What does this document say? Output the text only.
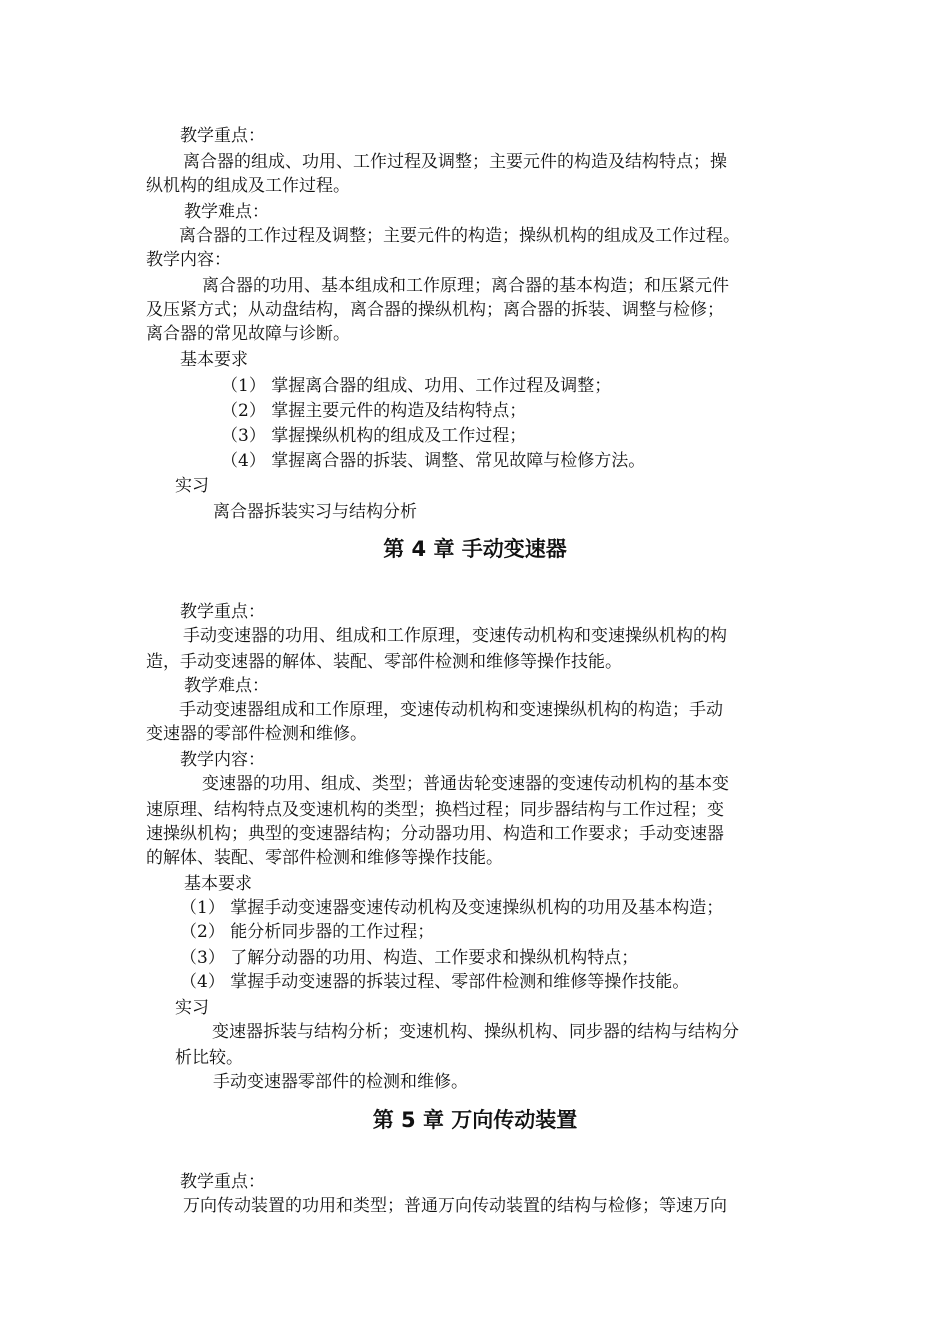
教学重点：
离合器的组成、功用、工作过程及调整；主要元件的构造及结构特点；操
纵机构的组成及工作过程。
教学难点：
离合器的工作过程及调整；主要元件的构造；操纵机构的组成及工作过程。
教学内容：
离合器的功用、基本组成和工作原理；离合器的基本构造；和压紧元件
及压紧方式；从动盘结构，离合器的操纵机构；离合器的拆装、调整与检修；
离合器的常见故障与诊断。
基本要求
（1） 掌握离合器的组成、功用、工作过程及调整；
（2） 掌握主要元件的构造及结构特点；
（3） 掌握操纵机构的组成及工作过程；
（4） 掌握离合器的拆装、调整、常见故障与检修方法。
实习
离合器拆装实习与结构分析
第 4 章 手动变速器
教学重点：
手动变速器的功用、组成和工作原理，变速传动机构和变速操纵机构的构
造，手动变速器的解体、装配、零部件检测和维修等操作技能。
教学难点：
手动变速器组成和工作原理，变速传动机构和变速操纵机构的构造；手动
变速器的零部件检测和维修。
教学内容：
变速器的功用、组成、类型；普通齿轮变速器的变速传动机构的基本变
速原理、结构特点及变速机构的类型；换档过程；同步器结构与工作过程；变
速操纵机构；典型的变速器结构；分动器功用、构造和工作要求；手动变速器
的解体、装配、零部件检测和维修等操作技能。
基本要求
（1） 掌握手动变速器变速传动机构及变速操纵机构的功用及基本构造；
（2） 能分析同步器的工作过程；
（3） 了解分动器的功用、构造、工作要求和操纵机构特点；
（4） 掌握手动变速器的拆装过程、零部件检测和维修等操作技能。
实习
变速器拆装与结构分析；变速机构、操纵机构、同步器的结构与结构分
析比较。
手动变速器零部件的检测和维修。
第 5 章 万向传动装置
教学重点：
万向传动装置的功用和类型；普通万向传动装置的结构与检修；等速万向
